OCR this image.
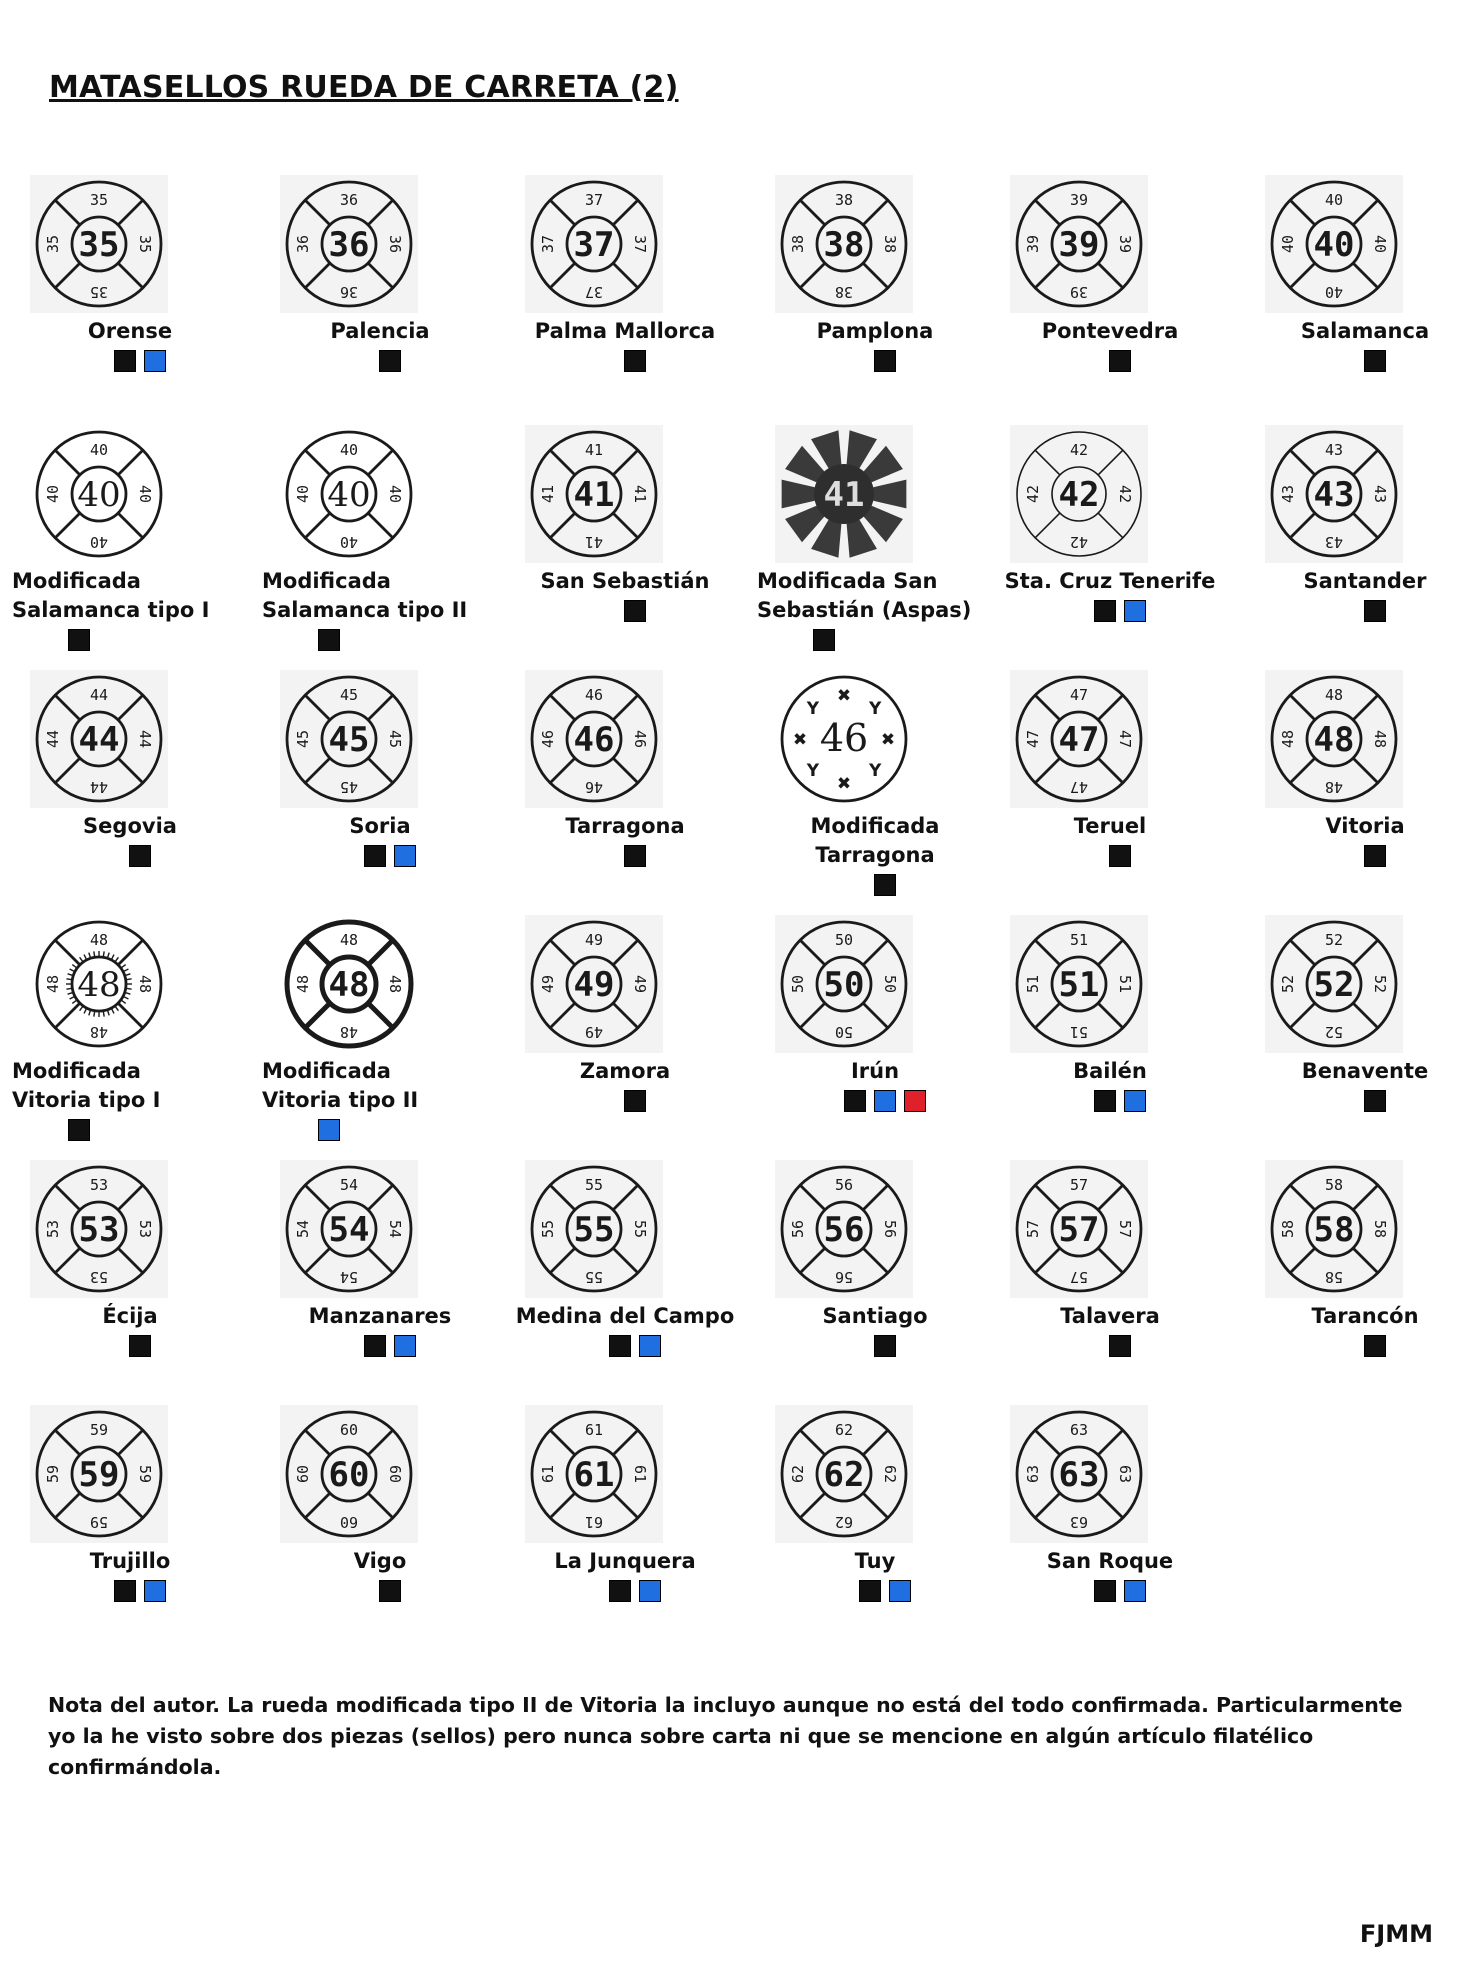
MATASELLOS RUEDA DE CARRETA (2)
35
35
35
35	35
Orense
36
36
36
36	36
Palencia
37
37
37
37	37
Palma Mallorca
38
38
38
38	38
Pamplona
39
39
39
39	39
Pontevedra
40
40
40
40	40
Salamanca
40
40
40
40	40
Modificada
Salamanca tipo I
40
40
40
40	40
Modificada
Salamanca tipo II
41
41
41
41	41
San Sebastián
41
Modificada San
Sebastián (Aspas)
42
42
42
42	42
Sta. Cruz Tenerife
43
43
43
43	43
Santander
44
44
44
44	44
Segovia
45
45
45
45	45
Soria
46
46
46
46	46
Tarragona
✖
Y
✖
Y
✖
Y
✖
Y
46
Modificada
Tarragona
47
47
47
47	47
Teruel
48
48
48
48	48
Vitoria
48
48
48
48	48
Modificada
Vitoria tipo I
48
48
48
48	48
Modificada
Vitoria tipo II
49
49
49
49	49
Zamora
50
50
50
50	50
Irún
51
51
51
51	51
Bailén
52
52
52
52	52
Benavente
53
53
53
53	53
Écija
54
54
54
54	54
Manzanares
55
55
55
55	55
Medina del Campo
56
56
56
56	56
Santiago
57
57
57
57	57
Talavera
58
58
58
58	58
Tarancón
59
59
59
59	59
Trujillo
60
60
60
60	60
Vigo
61
61
61
61	61
La Junquera
62
62
62
62	62
Tuy
63
63
63
63	63
San Roque
Nota del autor. La rueda modificada tipo II de Vitoria la incluyo aunque no está del todo confirmada. Particularmente yo la he visto sobre dos piezas (sellos) pero nunca sobre carta ni que se mencione en algún artículo filatélico confirmándola.
FJMM
